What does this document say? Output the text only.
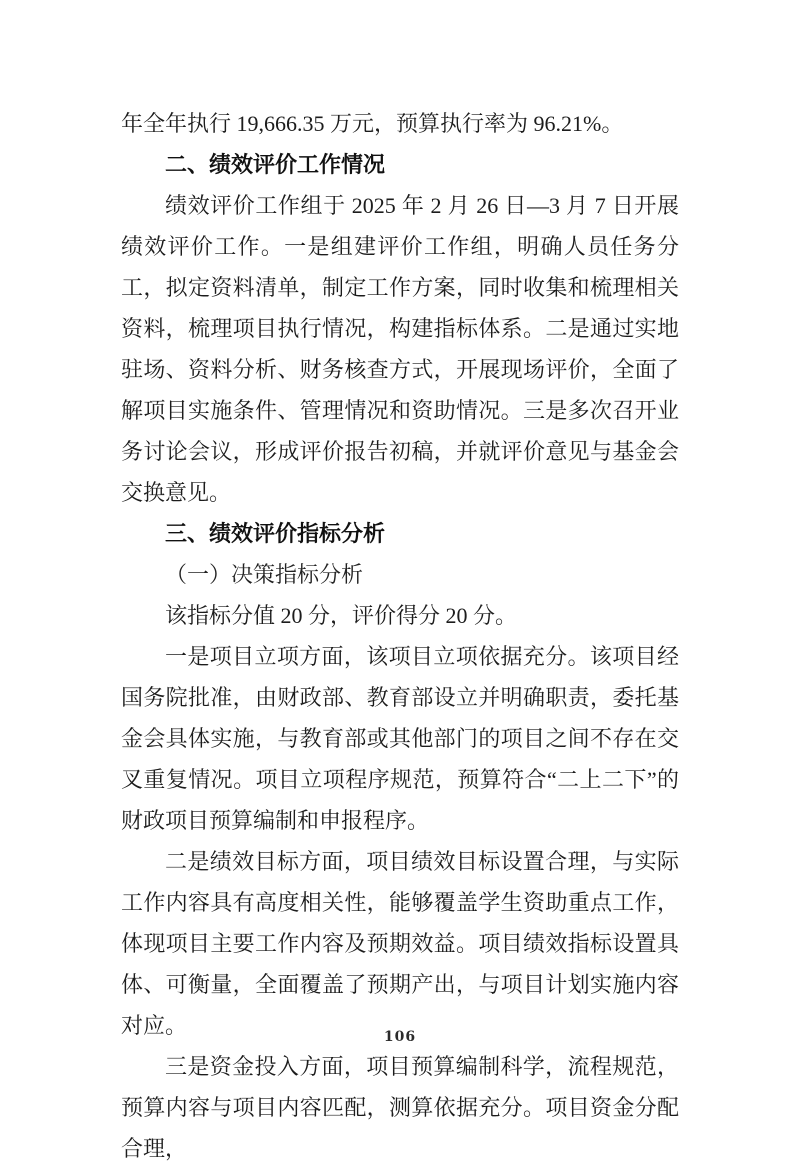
年全年执行 19,666.35 万元，预算执行率为 96.21%。

二、绩效评价工作情况

绩效评价工作组于 2025 年 2 月 26 日—3 月 7 日开展绩效评价工作。一是组建评价工作组，明确人员任务分工，拟定资料清单，制定工作方案，同时收集和梳理相关资料，梳理项目执行情况，构建指标体系。二是通过实地驻场、资料分析、财务核查方式，开展现场评价，全面了解项目实施条件、管理情况和资助情况。三是多次召开业务讨论会议，形成评价报告初稿，并就评价意见与基金会交换意见。

三、绩效评价指标分析

（一）决策指标分析

该指标分值 20 分，评价得分 20 分。

一是项目立项方面，该项目立项依据充分。该项目经国务院批准，由财政部、教育部设立并明确职责，委托基金会具体实施，与教育部或其他部门的项目之间不存在交叉重复情况。项目立项程序规范，预算符合“二上二下”的财政项目预算编制和申报程序。

二是绩效目标方面，项目绩效目标设置合理，与实际工作内容具有高度相关性，能够覆盖学生资助重点工作，体现项目主要工作内容及预期效益。项目绩效指标设置具体、可衡量，全面覆盖了预期产出，与项目计划实施内容对应。

三是资金投入方面，项目预算编制科学，流程规范，预算内容与项目内容匹配，测算依据充分。项目资金分配合理，

106
